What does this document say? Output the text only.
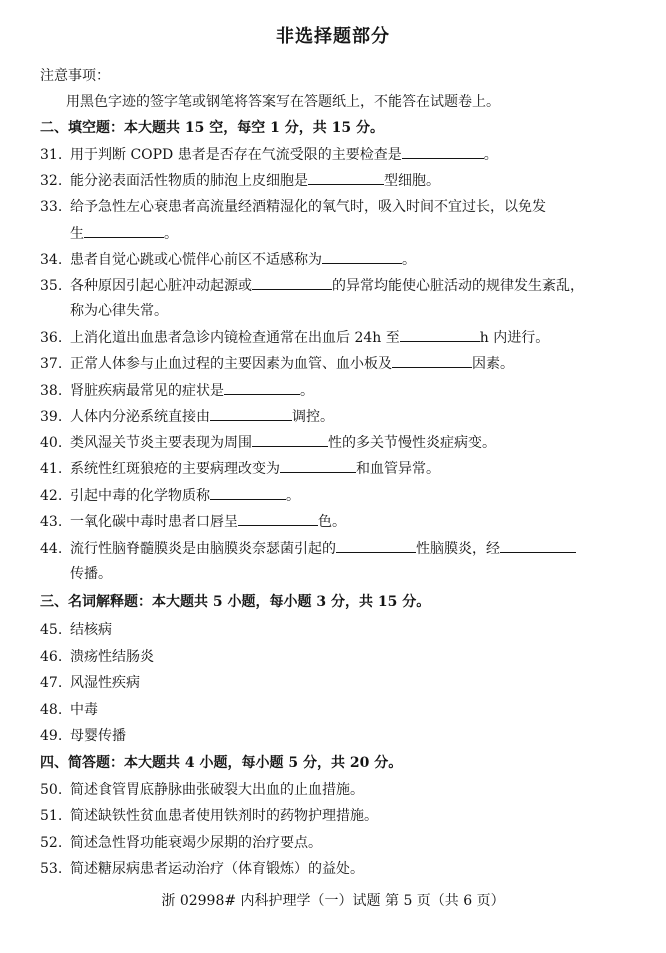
非选择题部分
注意事项：
用黑色字迹的签字笔或钢笔将答案写在答题纸上，不能答在试题卷上。
二、填空题：本大题共 15 空，每空 1 分，共 15 分。
31. 用于判断 COPD 患者是否存在气流受限的主要检查是	。
32. 能分泌表面活性物质的肺泡上皮细胞是	型细胞。
33. 给予急性左心衰患者高流量经酒精湿化的氧气时，吸入时间不宜过长，以免发
生	。
34. 患者自觉心跳或心慌伴心前区不适感称为	。
35. 各种原因引起心脏冲动起源或	的异常均能使心脏活动的规律发生紊乱，
称为心律失常。
36. 上消化道出血患者急诊内镜检查通常在出血后 24h 至	h 内进行。
37. 正常人体参与止血过程的主要因素为血管、血小板及	因素。
38. 肾脏疾病最常见的症状是	。
39. 人体内分泌系统直接由	调控。
40. 类风湿关节炎主要表现为周围	性的多关节慢性炎症病变。
41. 系统性红斑狼疮的主要病理改变为	和血管异常。
42. 引起中毒的化学物质称	。
43. 一氧化碳中毒时患者口唇呈	色。
44. 流行性脑脊髓膜炎是由脑膜炎奈瑟菌引起的	性脑膜炎，经
传播。
三、名词解释题：本大题共 5 小题，每小题 3 分，共 15 分。
45. 结核病
46. 溃疡性结肠炎
47. 风湿性疾病
48. 中毒
49. 母婴传播
四、简答题：本大题共 4 小题，每小题 5 分，共 20 分。
50. 简述食管胃底静脉曲张破裂大出血的止血措施。
51. 简述缺铁性贫血患者使用铁剂时的药物护理措施。
52. 简述急性肾功能衰竭少尿期的治疗要点。
53. 简述糖尿病患者运动治疗（体育锻炼）的益处。
浙 02998# 内科护理学（一）试题 第 5 页（共 6 页）
